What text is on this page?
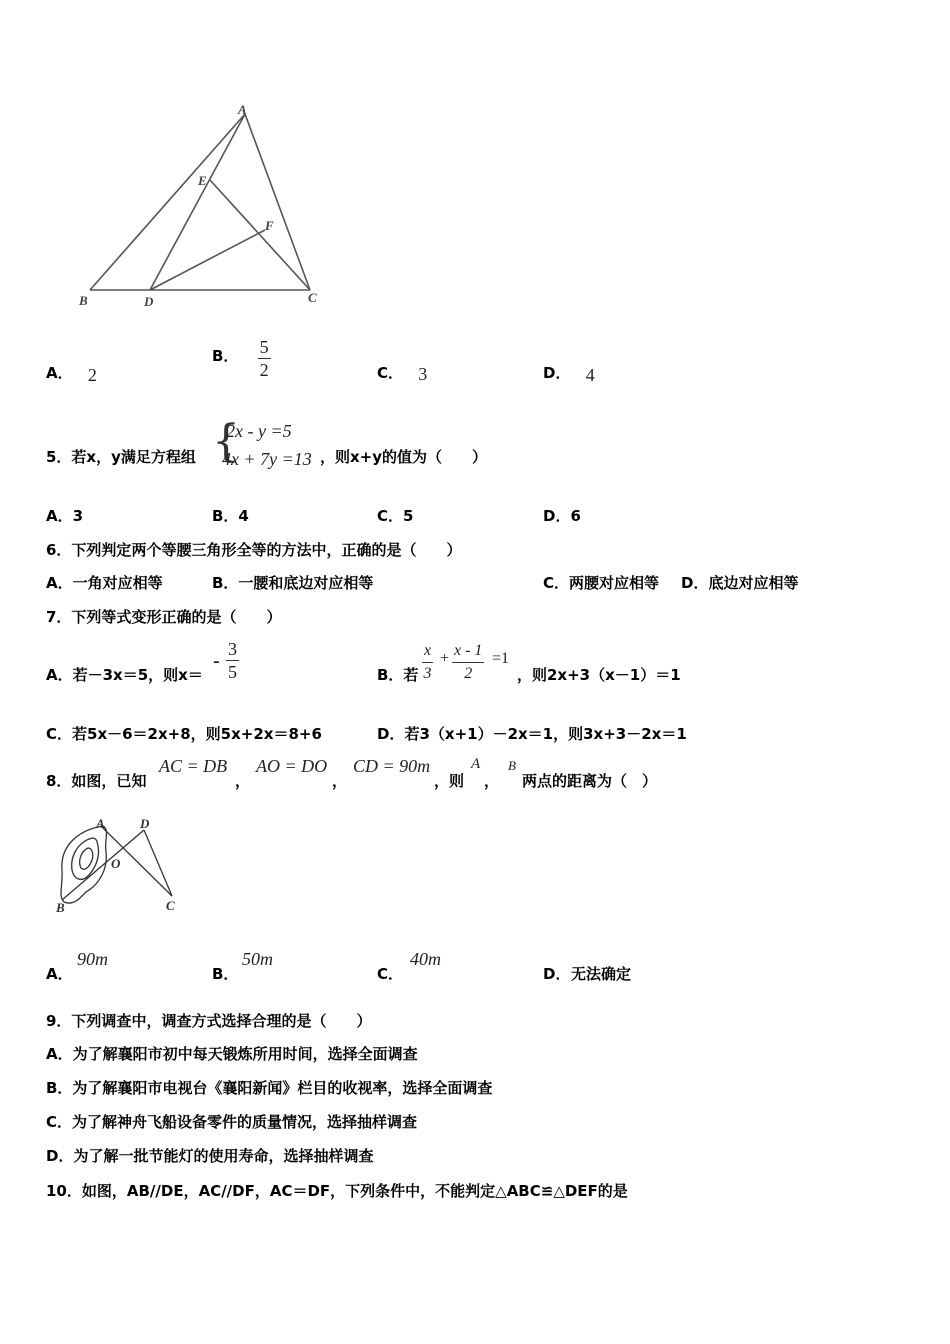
A
E
F
B	D	C
A． 2
B． $\frac{5}{2}$	C． 3	D． 4
5．若x，y满足方程组 {
2x - y =5
4x + 7y =13 ，则x+y的值为（　　）
A．3	B．4	C．5	D．6
6．下列判定两个等腰三角形全等的方法中，正确的是（　　）
A．一角对应相等	B．一腰和底边对应相等	C．两腰对应相等 D．底边对应相等
7．下列等式变形正确的是（　　）
A．若－3x＝5，则x＝
- $\frac{3}{5}$	B．若 $\frac{x}{3} + \frac{x - 1}{2} =1$
，则2x+3（x－1）＝1
C．若5x－6＝2x+8，则5x+2x＝8+6	D．若3（x+1）－2x＝1，则3x+3－2x＝1
8．如图，已知
AC = DB
，
AO = DO
，
CD = 90m
，则
A
，
B
两点的距离为（　）
A	D
O
B	C
A．
90m
B．
50m
C．
40m
D． 无法确定
9．下列调查中，调查方式选择合理的是（　　）
A．为了解襄阳市初中每天锻炼所用时间，选择全面调查
B．为了解襄阳市电视台《襄阳新闻》栏目的收视率，选择全面调查
C．为了解神舟飞船设备零件的质量情况，选择抽样调查
D．为了解一批节能灯的使用寿命，选择抽样调查
10．如图，AB//DE，AC//DF，AC＝DF，下列条件中，不能判定△ABC≌△DEF的是
